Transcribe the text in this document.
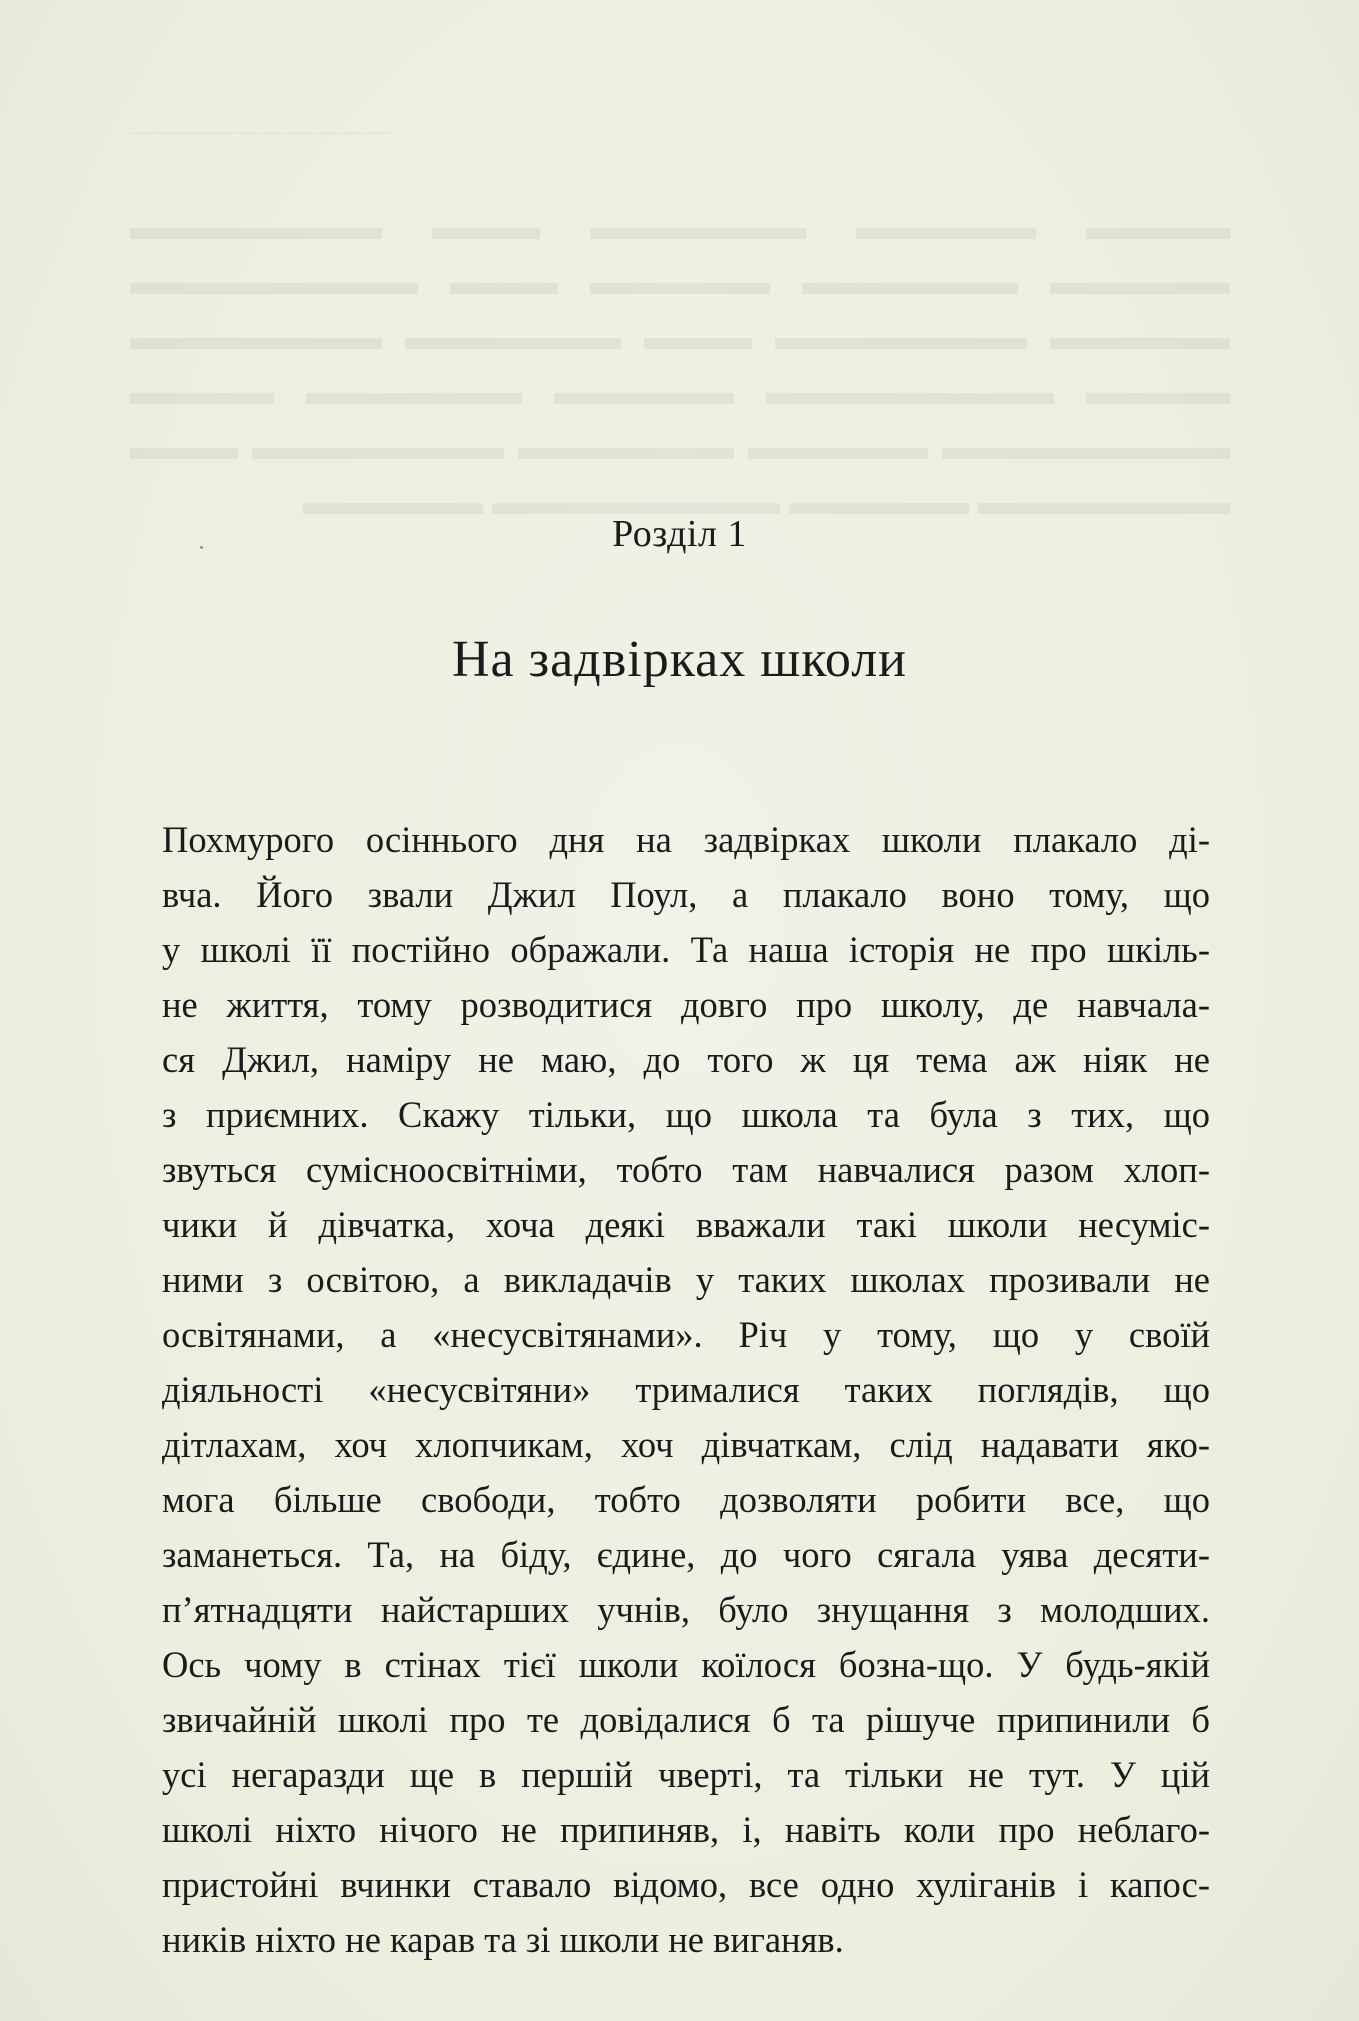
——————————
▬▬▬▬ ▬▬▬▬▬ ▬▬▬▬▬▬ ▬▬▬ ▬▬▬▬▬▬▬ ▬▬▬▬▬ ▬▬▬▬▬▬ ▬▬▬▬▬ ▬▬▬ ▬▬▬▬▬▬▬▬ ▬▬▬▬▬ ▬▬▬▬▬▬▬ ▬▬▬ ▬▬▬▬▬▬ ▬▬▬▬▬▬▬ ▬▬▬▬ ▬▬▬▬▬▬▬▬ ▬▬▬▬▬ ▬▬▬▬▬▬ ▬▬▬▬ ▬▬▬▬▬▬▬▬ ▬▬▬▬▬ ▬▬▬▬▬▬ ▬▬▬▬▬▬▬ ▬▬▬ ▬▬▬▬▬▬▬ ▬▬▬▬▬ ▬▬▬▬▬▬▬▬ ▬▬▬▬▬
Розділ 1
На задвірках школи
Похмурого осіннього дня на задвірках школи плакало ді-
вча. Його звали Джил Поул, а плакало воно тому, що
у школі її постійно ображали. Та наша історія не про шкіль-
не життя, тому розводитися довго про школу, де навчала-
ся Джил, наміру не маю, до того ж ця тема аж ніяк не
з приємних. Скажу тільки, що школа та була з тих, що
звуться сумісноосвітніми, тобто там навчалися разом хлоп-
чики й дівчатка, хоча деякі вважали такі школи несуміс-
ними з освітою, а викладачів у таких школах прозивали не
освітянами, а «несусвітянами». Річ у тому, що у своїй
діяльності «несусвітяни» трималися таких поглядів, що
дітлахам, хоч хлопчикам, хоч дівчаткам, слід надавати яко-
мога більше свободи, тобто дозволяти робити все, що
заманеться. Та, на біду, єдине, до чого сягала уява десяти-
п’ятнадцяти найстарших учнів, було знущання з молодших.
Ось чому в стінах тієї школи коїлося бозна-що. У будь-якій
звичайній школі про те довідалися б та рішуче припинили б
усі негаразди ще в першій чверті, та тільки не тут. У цій
школі ніхто нічого не припиняв, і, навіть коли про неблаго-
пристойні вчинки ставало відомо, все одно хуліганів і капос-
ників ніхто не карав та зі школи не виганяв.
